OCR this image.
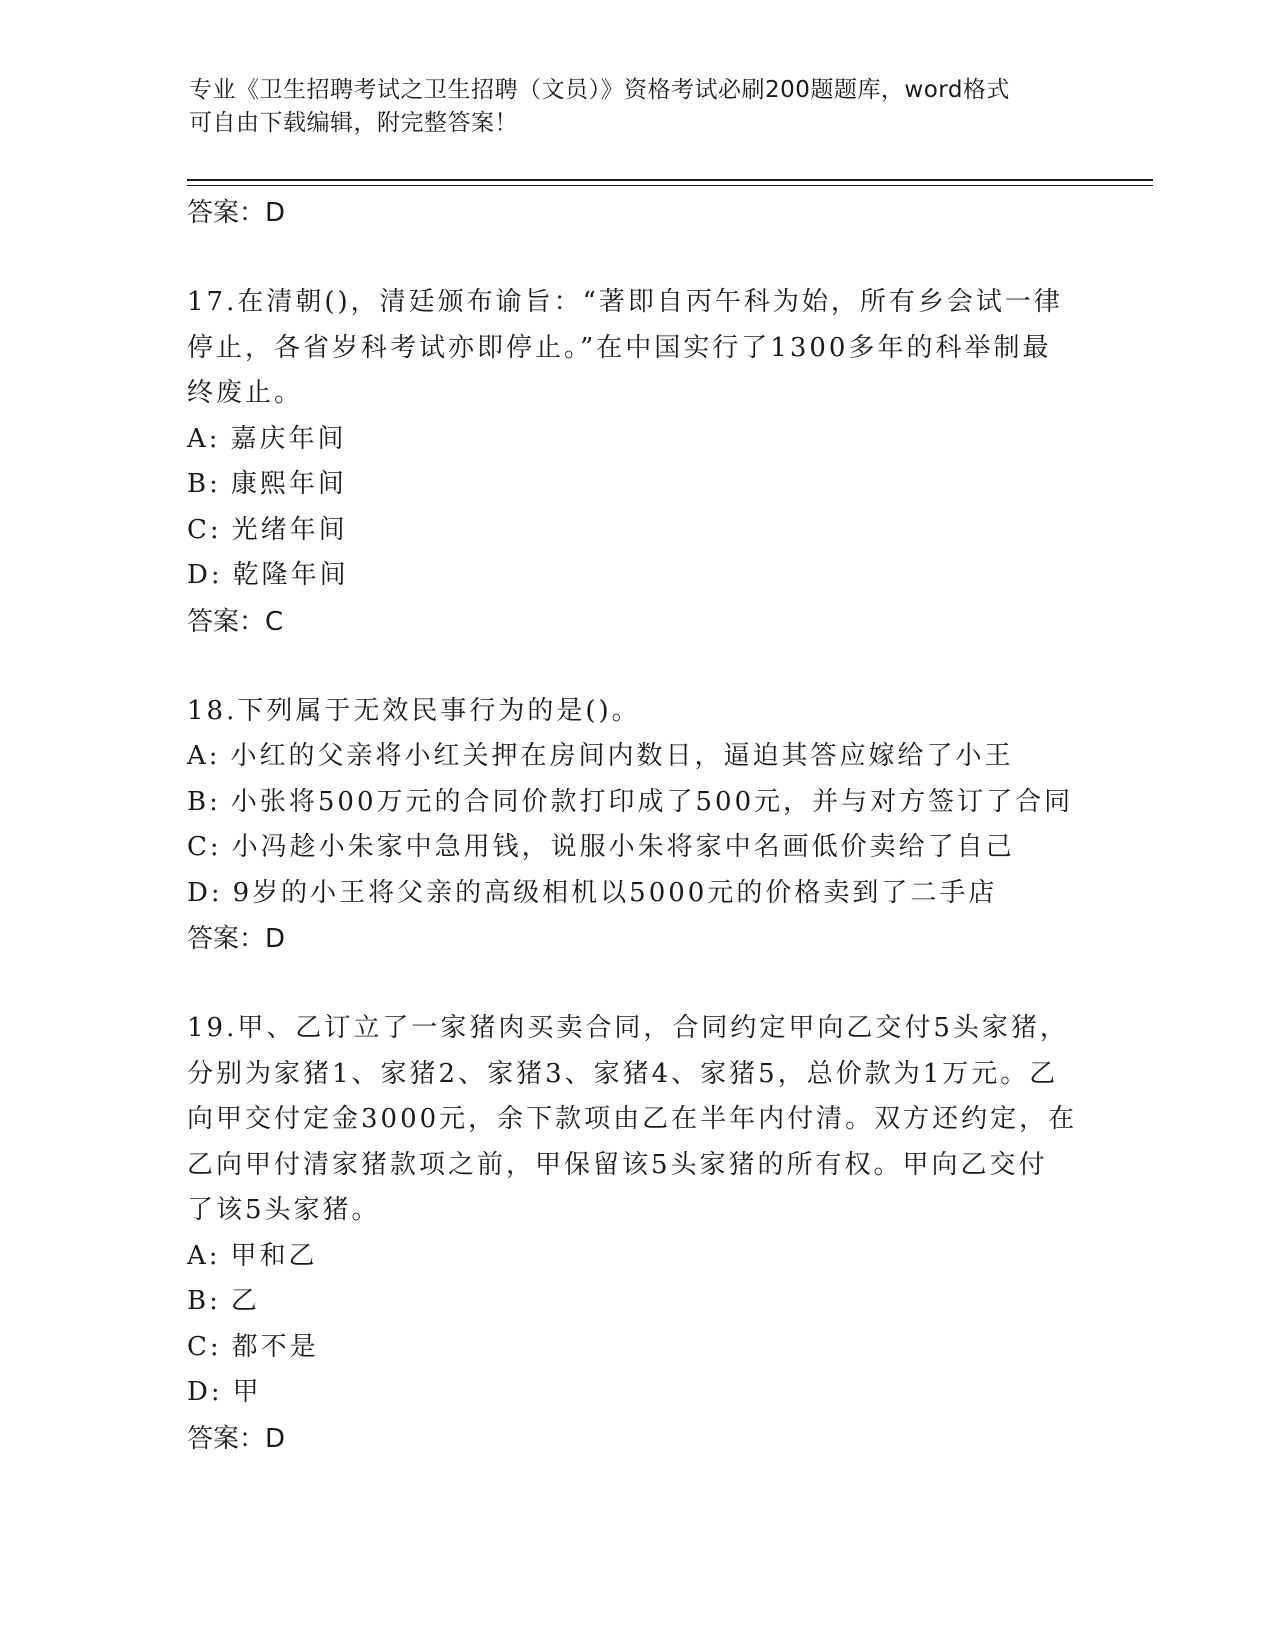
专业《卫生招聘考试之卫生招聘（文员）》资格考试必刷200题题库，word格式
可自由下载编辑，附完整答案！
答案：D
17.在清朝()，清廷颁布谕旨：“著即自丙午科为始，所有乡会试一律
停止，各省岁科考试亦即停止。”在中国实行了1300多年的科举制最
终废止。
A: 嘉庆年间
B: 康熙年间
C: 光绪年间
D: 乾隆年间
答案：C
18.下列属于无效民事行为的是()。
A: 小红的父亲将小红关押在房间内数日，逼迫其答应嫁给了小王
B: 小张将500万元的合同价款打印成了500元，并与对方签订了合同
C: 小冯趁小朱家中急用钱，说服小朱将家中名画低价卖给了自己
D: 9岁的小王将父亲的高级相机以5000元的价格卖到了二手店
答案：D
19.甲、乙订立了一家猪肉买卖合同，合同约定甲向乙交付5头家猪，
分别为家猪1、家猪2、家猪3、家猪4、家猪5，总价款为1万元。乙
向甲交付定金3000元，余下款项由乙在半年内付清。双方还约定，在
乙向甲付清家猪款项之前，甲保留该5头家猪的所有权。甲向乙交付
了该5头家猪。
A: 甲和乙
B: 乙
C: 都不是
D: 甲
答案：D
